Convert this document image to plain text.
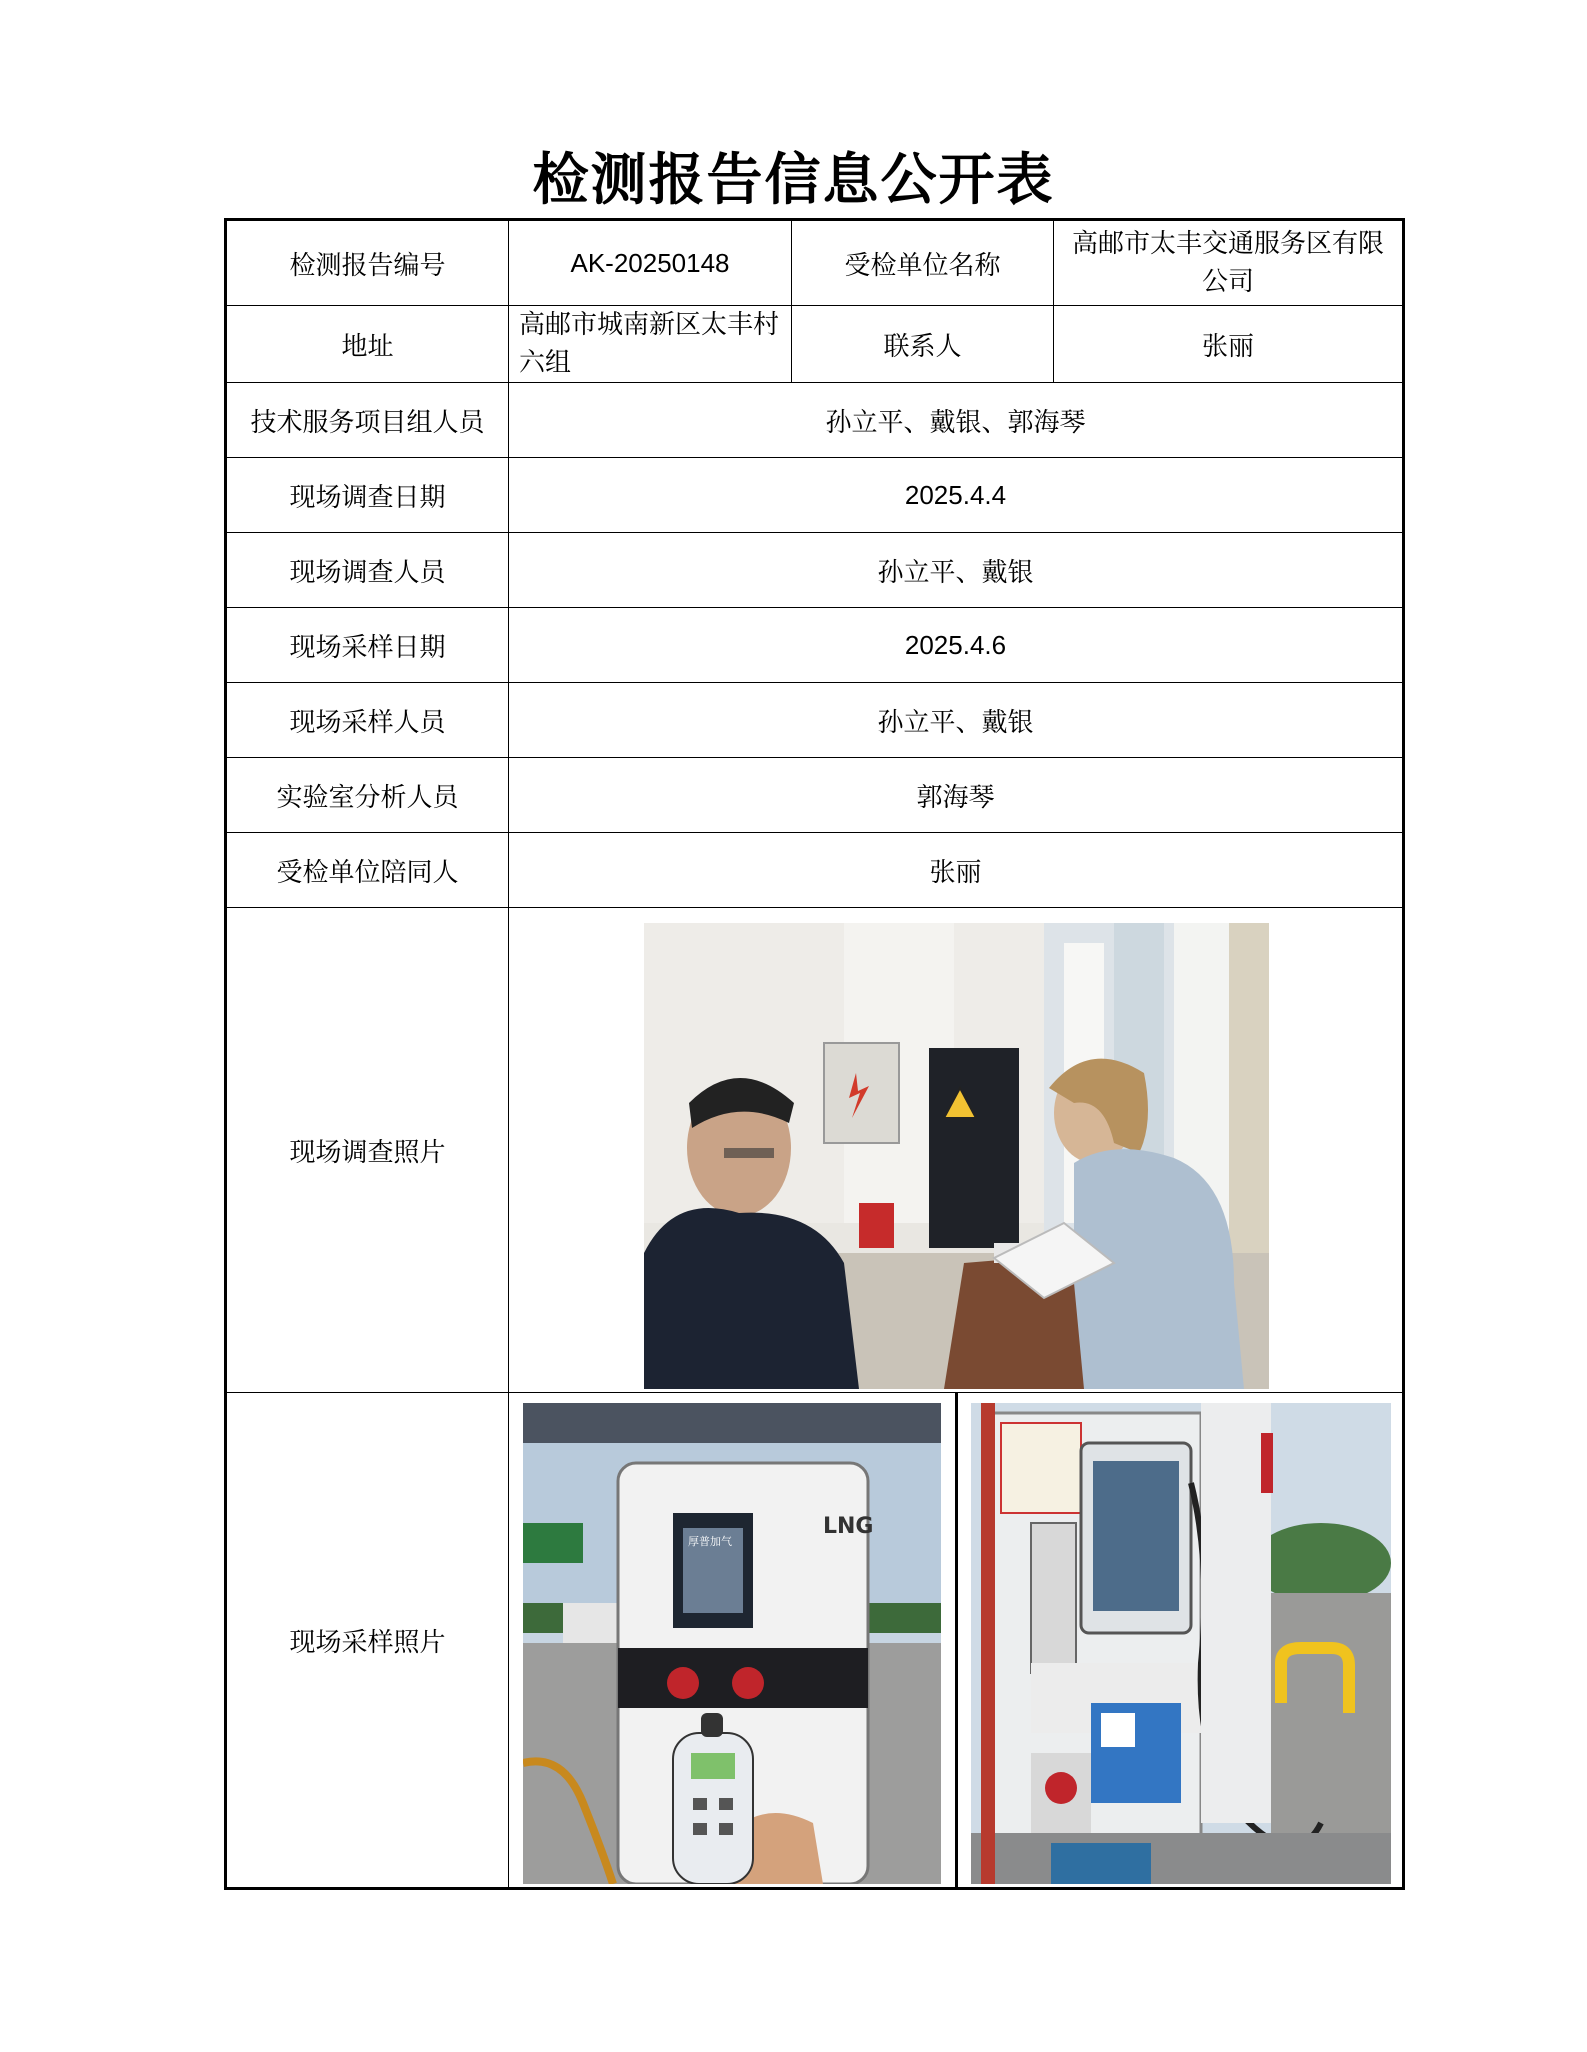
检测报告信息公开表
检测报告编号	AK-20250148	受检单位名称	高邮市太丰交通服务区有限公司
地址	高邮市城南新区太丰村六组	联系人	张丽
技术服务项目组人员	孙立平、戴银、郭海琴		
现场调查日期	2025.4.4		
现场调查人员	孙立平、戴银		
现场采样日期	2025.4.6		
现场采样人员	孙立平、戴银		
实验室分析人员	郭海琴		
受检单位陪同人	张丽		
现场调查照片	

现场采样照片	LNG
厚普加气		
